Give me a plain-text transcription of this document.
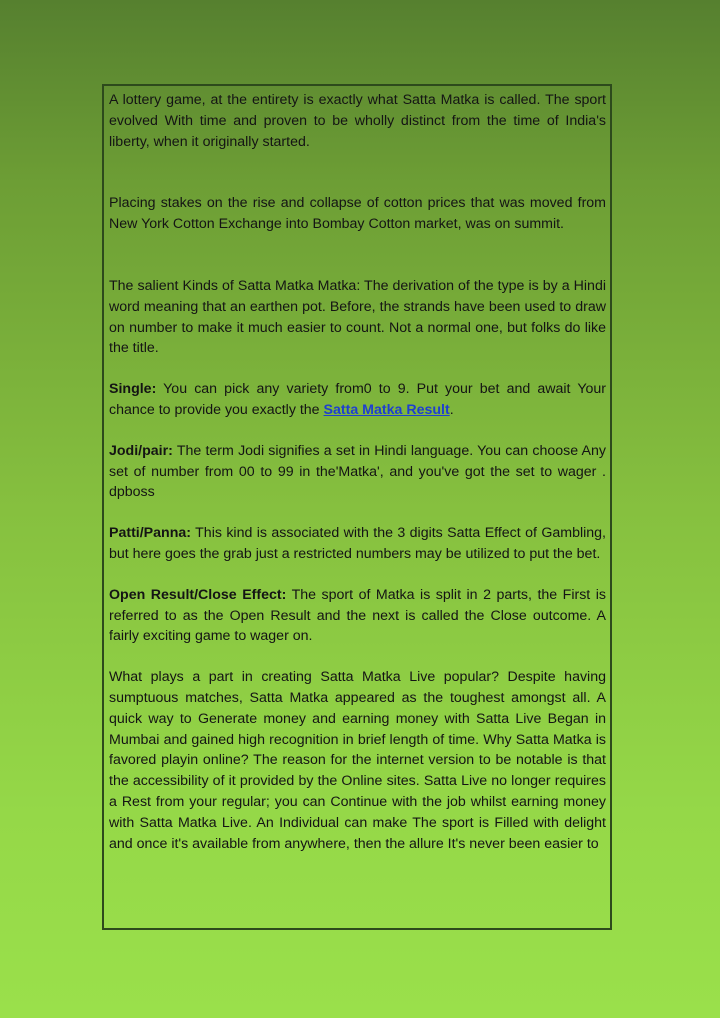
A lottery game, at the entirety is exactly what Satta Matka is called. The sport evolved With time and proven to be wholly distinct from the time of India's liberty, when it originally started.

Placing stakes on the rise and collapse of cotton prices that was moved from New York Cotton Exchange into Bombay Cotton market, was on summit.

The salient Kinds of Satta Matka Matka: The derivation of the type is by a Hindi word meaning that an earthen pot. Before, the strands have been used to draw on number to make it much easier to count. Not a normal one, but folks do like the title.

Single: You can pick any variety from0 to 9. Put your bet and await Your chance to provide you exactly the Satta Matka Result.

Jodi/pair: The term Jodi signifies a set in Hindi language. You can choose Any set of number from 00 to 99 in the'Matka', and you've got the set to wager . dpboss

Patti/Panna: This kind is associated with the 3 digits Satta Effect of Gambling, but here goes the grab just a restricted numbers may be utilized to put the bet.

Open Result/Close Effect: The sport of Matka is split in 2 parts, the First is referred to as the Open Result and the next is called the Close outcome. A fairly exciting game to wager on.

What plays a part in creating Satta Matka Live popular? Despite having sumptuous matches, Satta Matka appeared as the toughest amongst all. A quick way to Generate money and earning money with Satta Live Began in Mumbai and gained high recognition in brief length of time. Why Satta Matka is favored playin online? The reason for the internet version to be notable is that the accessibility of it provided by the Online sites. Satta Live no longer requires a Rest from your regular; you can Continue with the job whilst earning money with Satta Matka Live. An Individual can make The sport is Filled with delight and once it's available from anywhere, then the allure It's never been easier to
